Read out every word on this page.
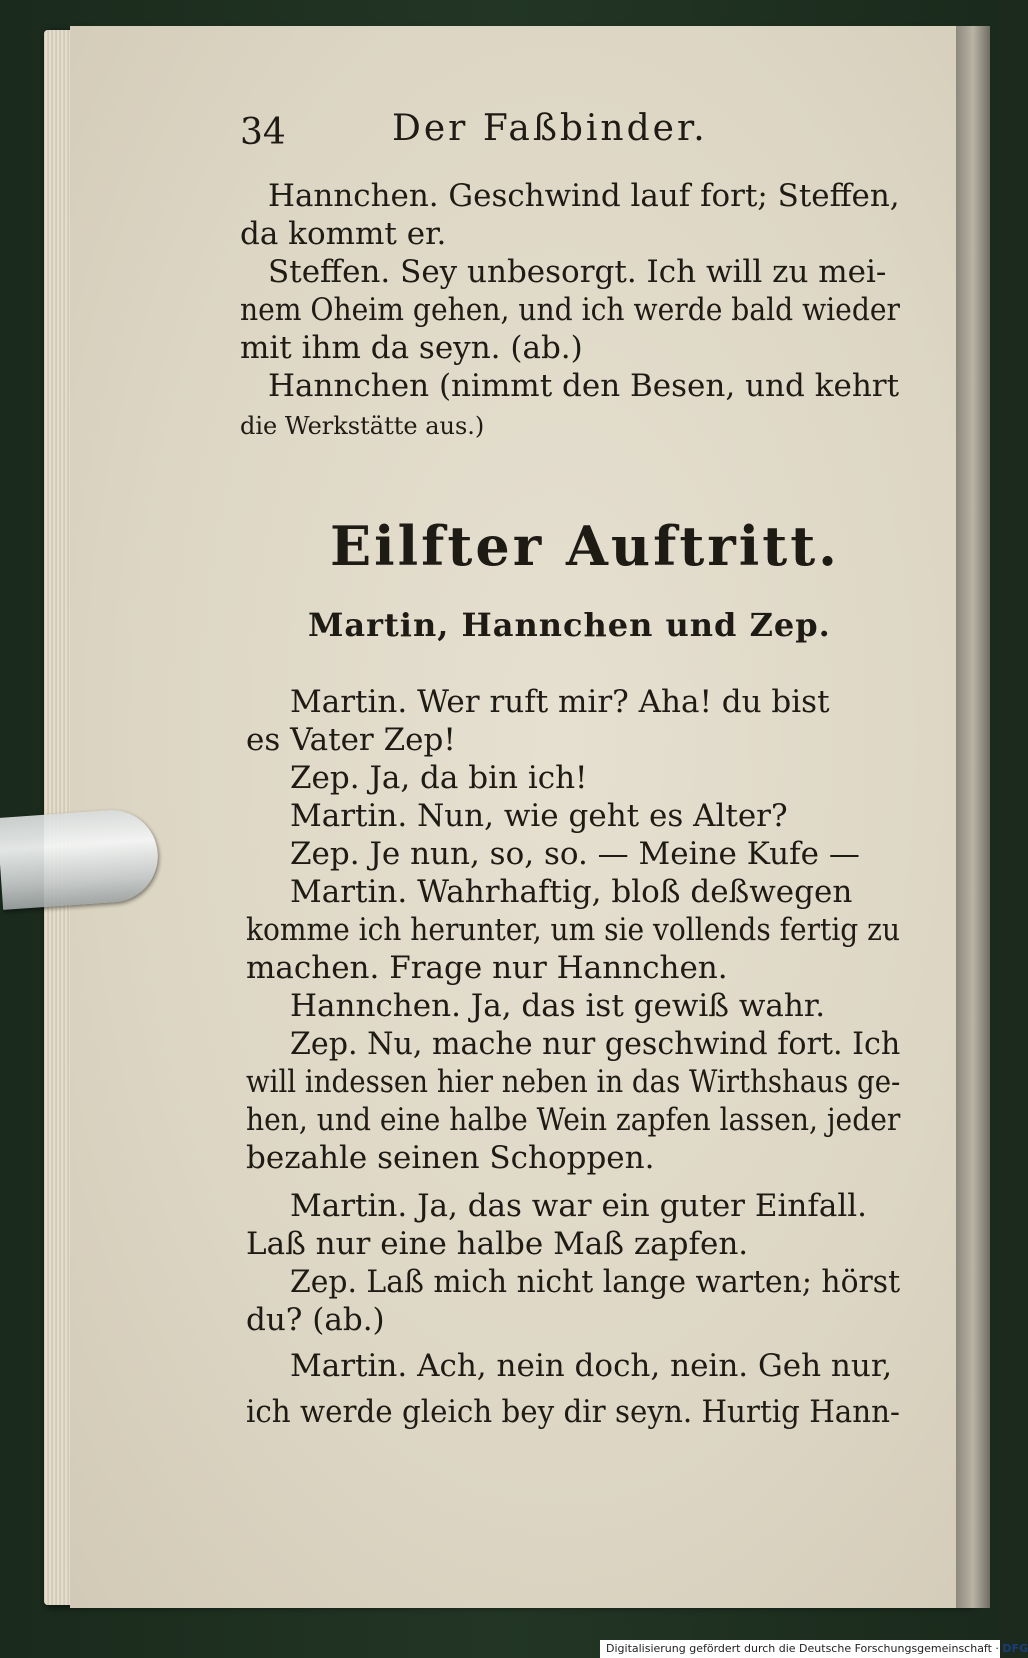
34	Der Faßbinder.
Hannchen. Geschwind lauf fort; Steffen,
da kommt er.
Steffen. Sey unbesorgt. Ich will zu mei-
nem Oheim gehen, und ich werde bald wieder
mit ihm da seyn. (ab.)
Hannchen (nimmt den Besen, und kehrt
die Werkstätte aus.)
Eilfter Auftritt.
Martin, Hannchen und Zep.
Martin. Wer ruft mir? Aha! du bist
es Vater Zep!
Zep. Ja, da bin ich!
Martin. Nun, wie geht es Alter?
Zep. Je nun, so, so. — Meine Kufe —
Martin. Wahrhaftig, bloß deßwegen
komme ich herunter, um sie vollends fertig zu
machen. Frage nur Hannchen.
Hannchen. Ja, das ist gewiß wahr.
Zep. Nu, mache nur geschwind fort. Ich
will indessen hier neben in das Wirthshaus ge-
hen, und eine halbe Wein zapfen lassen, jeder
bezahle seinen Schoppen.
Martin. Ja, das war ein guter Einfall.
Laß nur eine halbe Maß zapfen.
Zep. Laß mich nicht lange warten; hörst
du? (ab.)
Martin. Ach, nein doch, nein. Geh nur,
ich werde gleich bey dir seyn. Hurtig Hann-
Digitalisierung gefördert durch die Deutsche Forschungsgemeinschaft · DFG
